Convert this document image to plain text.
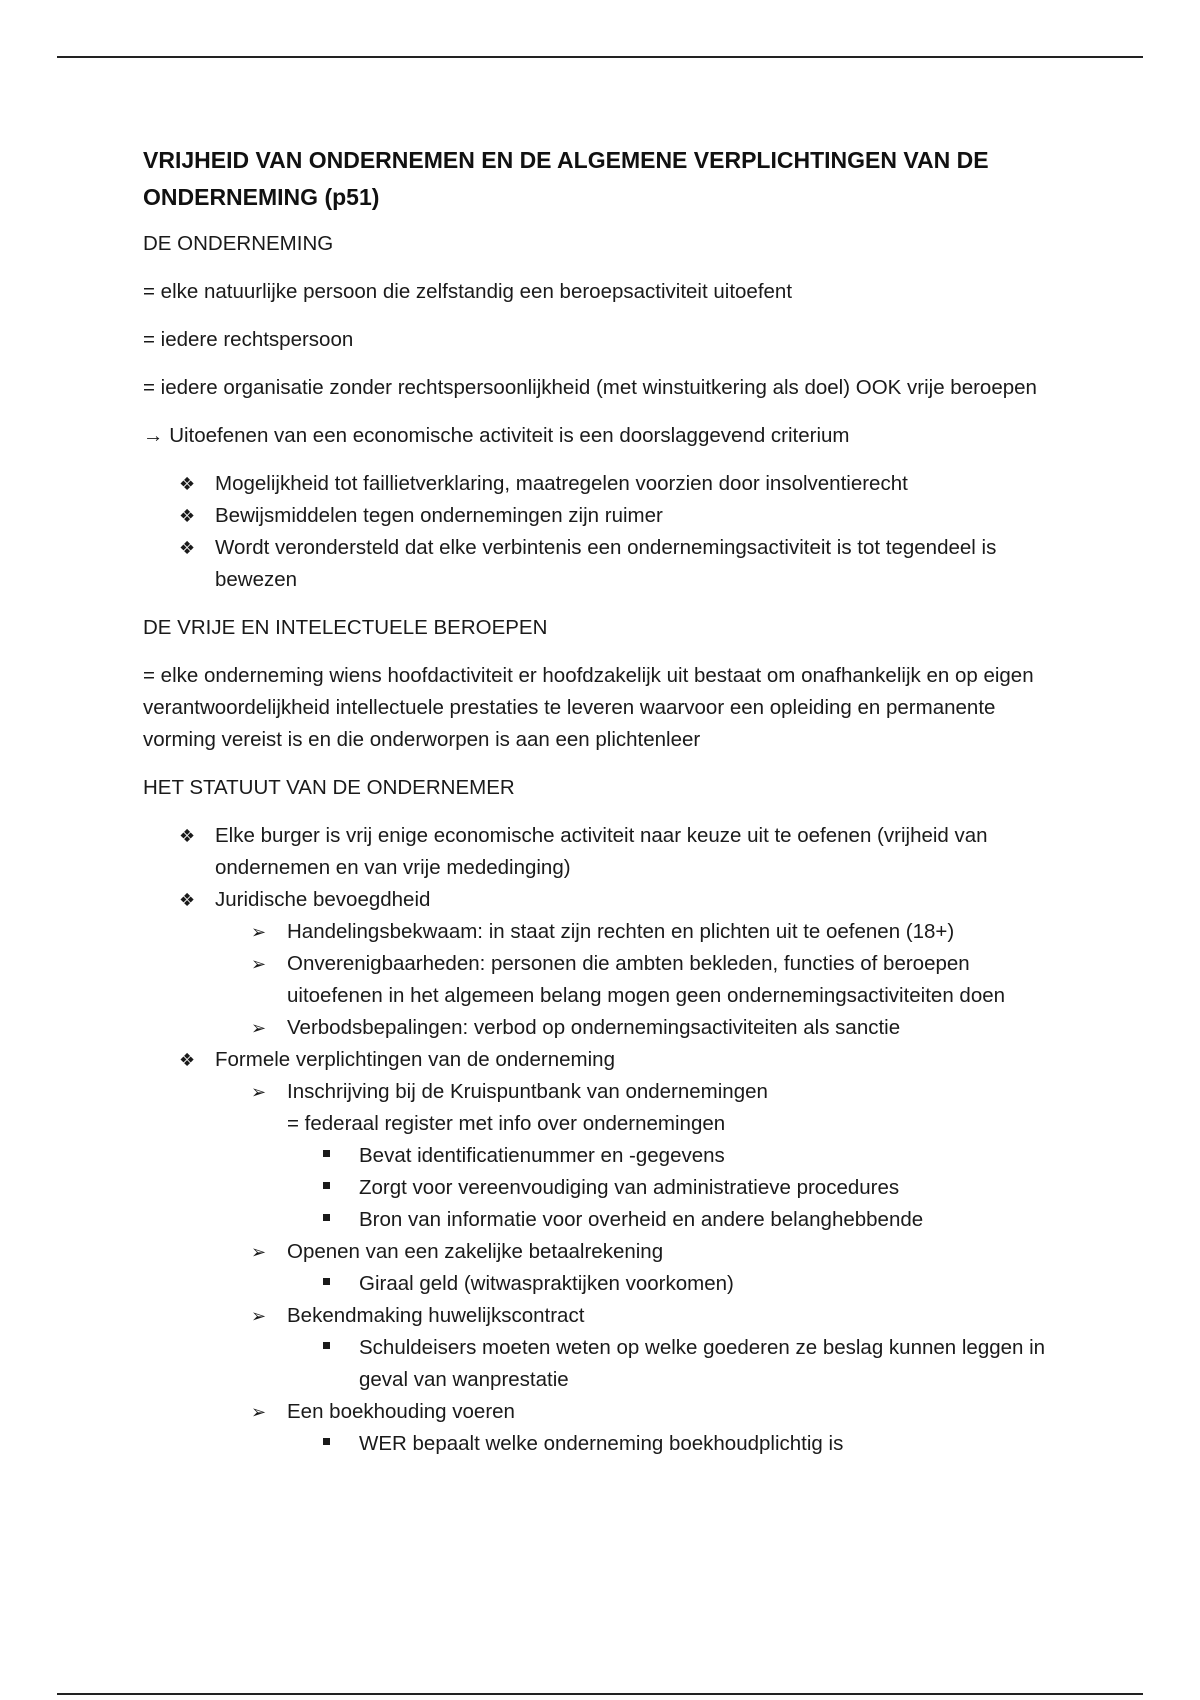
VRIJHEID VAN ONDERNEMEN EN DE ALGEMENE VERPLICHTINGEN VAN DE ONDERNEMING (p51)

DE ONDERNEMING

= elke natuurlijke persoon die zelfstandig een beroepsactiviteit uitoefent

= iedere rechtspersoon

= iedere organisatie zonder rechtspersoonlijkheid (met winstuitkering als doel) OOK vrije beroepen

→ Uitoefenen van een economische activiteit is een doorslaggevend criterium

❖ Mogelijkheid tot faillietverklaring, maatregelen voorzien door insolventierecht
❖ Bewijsmiddelen tegen ondernemingen zijn ruimer
❖ Wordt verondersteld dat elke verbintenis een ondernemingsactiviteit is tot tegendeel is bewezen

DE VRIJE EN INTELECTUELE BEROEPEN

= elke onderneming wiens hoofdactiviteit er hoofdzakelijk uit bestaat om onafhankelijk en op eigen verantwoordelijkheid intellectuele prestaties te leveren waarvoor een opleiding en permanente vorming vereist is en die onderworpen is aan een plichtenleer

HET STATUUT VAN DE ONDERNEMER

❖ Elke burger is vrij enige economische activiteit naar keuze uit te oefenen (vrijheid van ondernemen en van vrije mededinging)
❖ Juridische bevoegdheid
➢	Handelingsbekwaam: in staat zijn rechten en plichten uit te oefenen (18+)
➢	Onverenigbaarheden: personen die ambten bekleden, functies of beroepen uitoefenen in het algemeen belang mogen geen ondernemingsactiviteiten doen
➢	Verbodsbepalingen: verbod op ondernemingsactiviteiten als sanctie
❖ Formele verplichtingen van de onderneming
➢	Inschrijving bij de Kruispuntbank van ondernemingen
= federaal register met info over ondernemingen
Bevat identificatienummer en -gegevens
Zorgt voor vereenvoudiging van administratieve procedures
Bron van informatie voor overheid en andere belanghebbende
➢	Openen van een zakelijke betaalrekening
Giraal geld (witwaspraktijken voorkomen)
➢	Bekendmaking huwelijkscontract
Schuldeisers moeten weten op welke goederen ze beslag kunnen leggen in geval van wanprestatie
➢	Een boekhouding voeren
WER bepaalt welke onderneming boekhoudplichtig is
